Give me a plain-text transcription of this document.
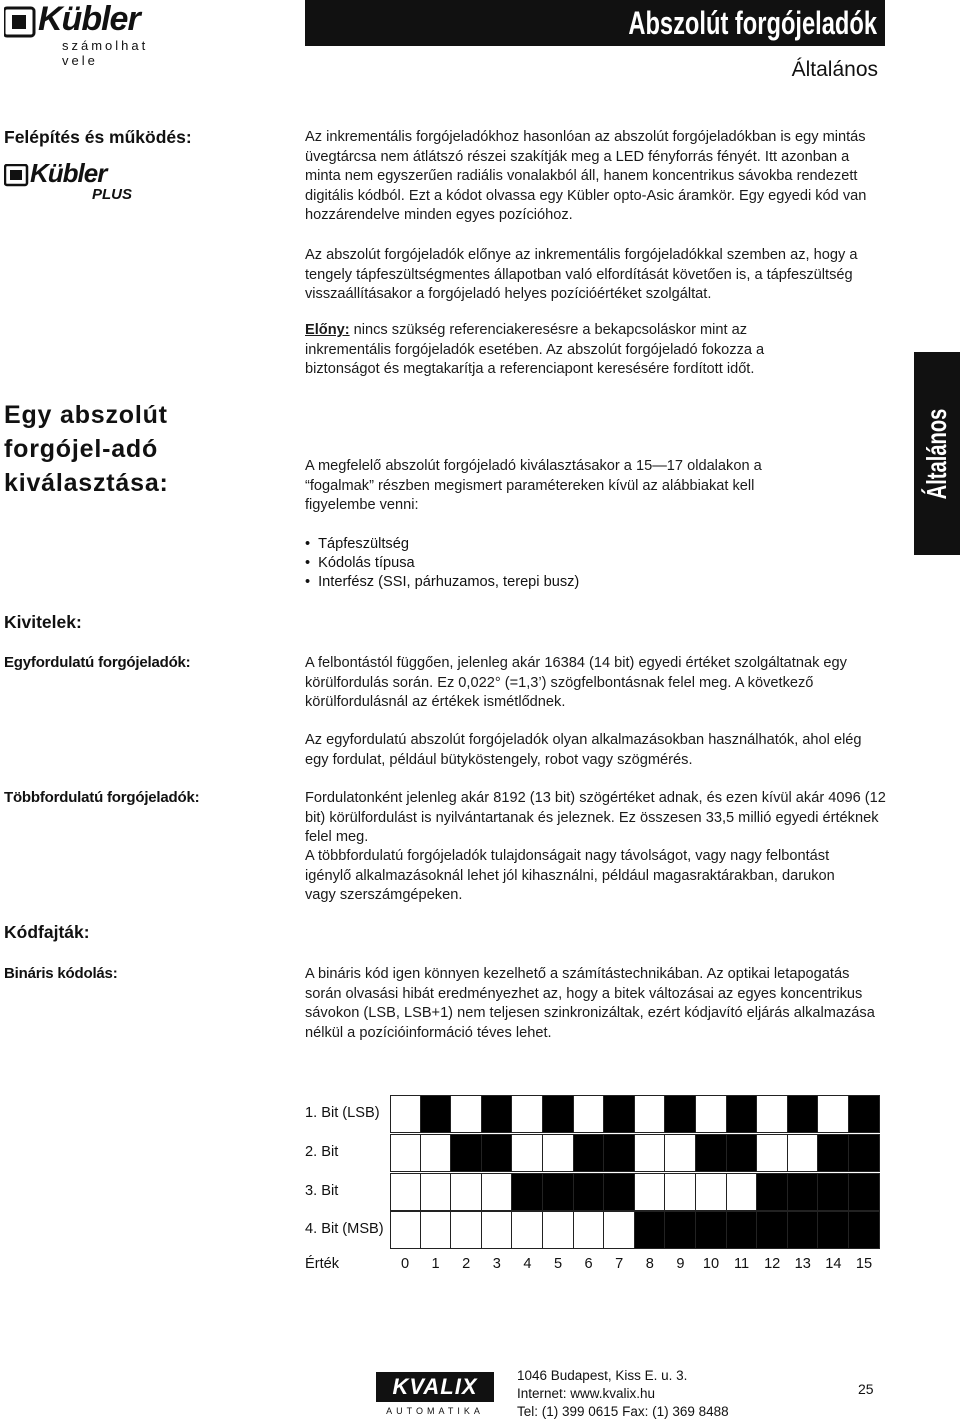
Kübler
számolhat vele
Abszolút forgójeladók
Általános
Általános
Felépítés és működés:
Kübler
PLUS
Az inkrementális forgójeladókhoz hasonlóan az abszolút forgójeladókban is egy mintás üvegtárcsa nem átlátszó részei szakítják meg a LED fényforrás fényét. Itt azonban a minta nem egyszerűen radiális vonalakból áll, hanem koncentrikus sávokba rendezett digitális kódból. Ezt a kódot olvassa egy Kübler opto-Asic áramkör. Egy egyedi kód van hozzárendelve minden egyes pozícióhoz.
Az abszolút forgójeladók előnye az inkrementális forgójeladókkal szemben az, hogy a tengely tápfeszültségmentes állapotban való elfordítását követően is, a tápfeszültség visszaállításakor a forgójeladó helyes pozícióértéket szolgáltat.
Előny: nincs szükség referenciakeresésre a bekapcsoláskor mint az inkrementális forgójeladók esetében. Az abszolút forgójeladó fokozza a biztonságot és megtakarítja a referenciapont keresésére fordított időt.
Egy abszolút forgójel-adó kiválasztása:
A megfelelő abszolút forgójeladó kiválasztásakor a 15—17 oldalakon a “fogalmak” részben megismert paramétereken kívül az alábbiakat kell figyelembe venni:
• Tápfeszültség
• Kódolás típusa
• Interfész (SSI, párhuzamos, terepi busz)
Kivitelek:
Egyfordulatú forgójeladók:	A felbontástól függően, jelenleg akár 16384 (14 bit) egyedi értéket szolgáltatnak egy körülfordulás során. Ez 0,022° (=1,3’) szögfelbontásnak felel meg. A következő körülfordulásnál az értékek ismétlődnek.
Az egyfordulatú abszolút forgójeladók olyan alkalmazásokban használhatók, ahol elég egy fordulat, például bütyköstengely, robot vagy szögmérés.
Többfordulatú forgójeladók:	Fordulatonként jelenleg akár 8192 (13 bit) szögértéket adnak, és ezen kívül akár 4096 (12 bit) körülfordulást is nyilvántartanak és jeleznek. Ez összesen 33,5 millió egyedi értéknek felel meg.
A többfordulatú forgójeladók tulajdonságait nagy távolságot, vagy nagy felbontást igénylő alkalmazásoknál lehet jól kihasználni, például magasraktárakban, darukon vagy szerszámgépeken.
Kódfajták:
Bináris kódolás:	A bináris kód igen könnyen kezelhető a számítástechnikában. Az optikai letapogatás során olvasási hibát eredményezhet az, hogy a bitek változásai az egyes koncentrikus sávokon (LSB, LSB+1) nem teljesen szinkronizáltak, ezért kódjavító eljárás alkalmazása nélkül a pozícióinformáció téves lehet.
1. Bit (LSB)
2. Bit
3. Bit
4. Bit (MSB)
Érték	0	1	2	3	4	5	6	7	8	9	10	11	12 13 14 15
KVALIX
AUTOMATIKA
1046 Budapest, Kiss E. u. 3.
Internet: www.kvalix.hu
Tel: (1) 399 0615 Fax: (1) 369 8488
25
